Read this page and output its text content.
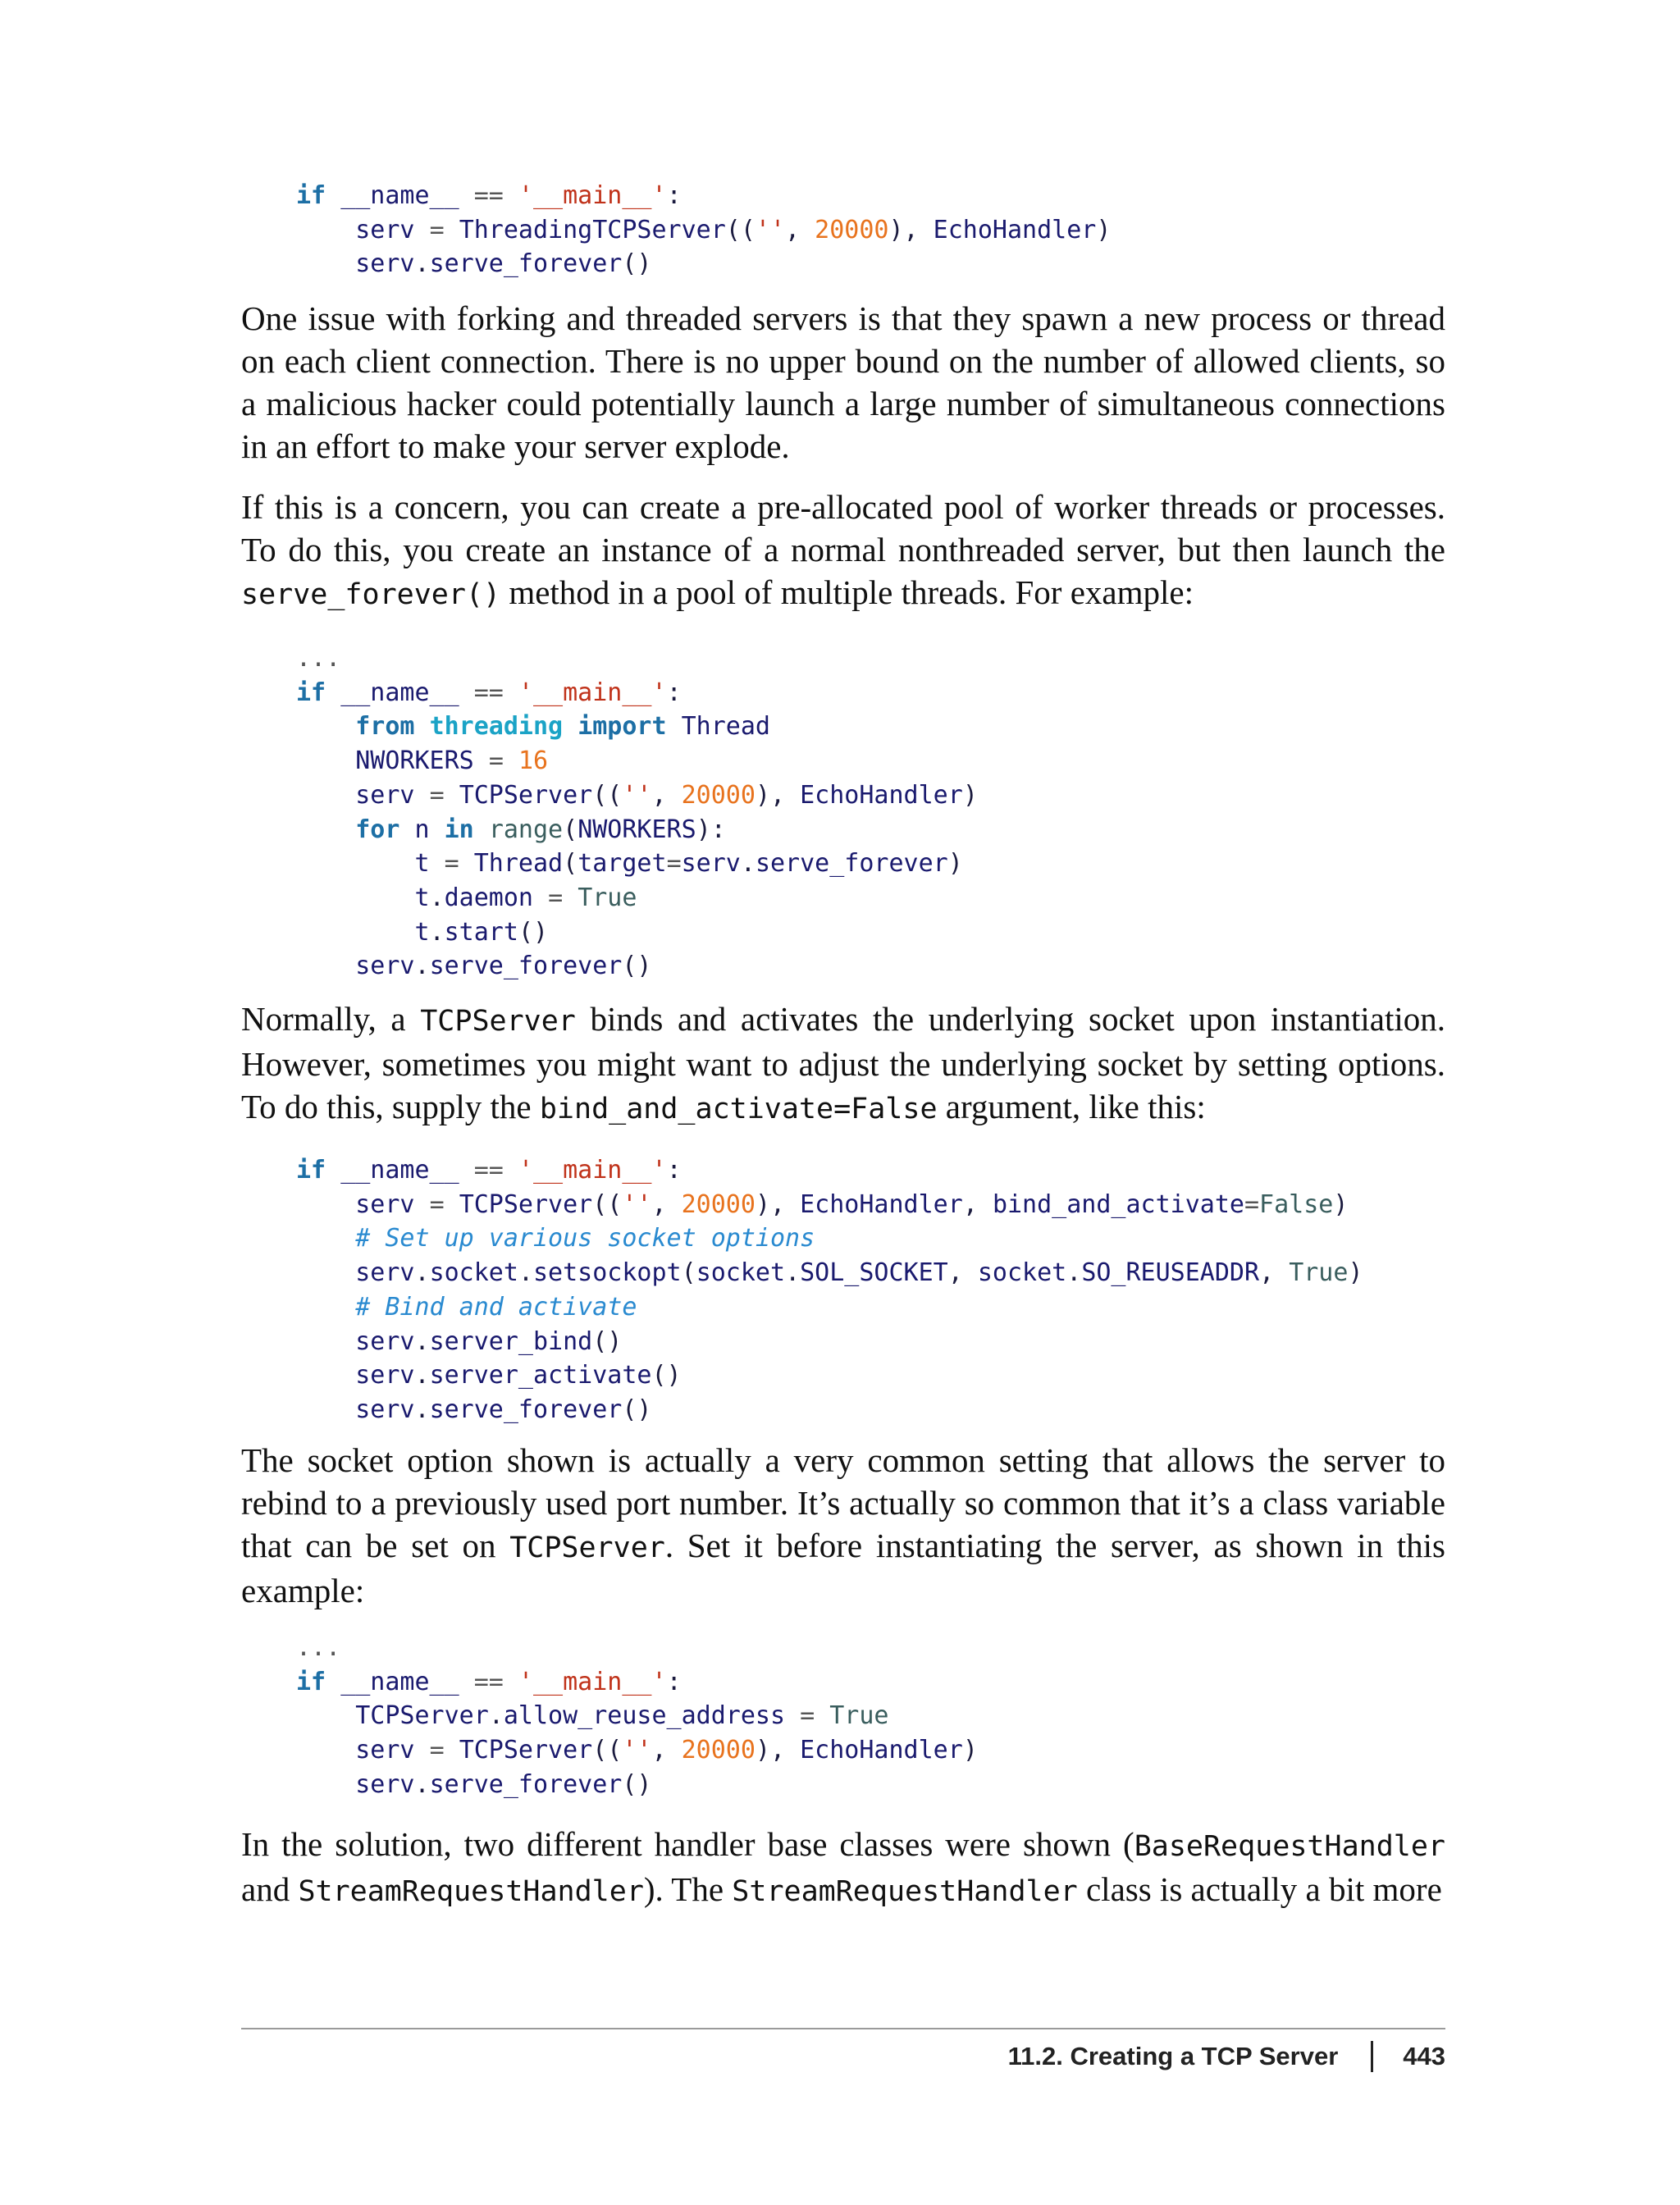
if __name__ == '__main__':
serv = ThreadingTCPServer(('', 20000), EchoHandler)
serv.serve_forever()

One issue with forking and threaded servers is that they spawn a new process or thread on each client connection. There is no upper bound on the number of allowed clients, so a malicious hacker could potentially launch a large number of simultaneous connections in an effort to make your server explode.

If this is a concern, you can create a pre-allocated pool of worker threads or processes. To do this, you create an instance of a normal nonthreaded server, but then launch the serve_forever() method in a pool of multiple threads. For example:

...
if __name__ == '__main__':
from threading import Thread
NWORKERS = 16
serv = TCPServer(('', 20000), EchoHandler)
for n in range(NWORKERS):
t = Thread(target=serv.serve_forever)
t.daemon = True
t.start()
serv.serve_forever()

Normally, a TCPServer binds and activates the underlying socket upon instantiation. However, sometimes you might want to adjust the underlying socket by setting options. To do this, supply the bind_and_activate=False argument, like this:

if __name__ == '__main__':
serv = TCPServer(('', 20000), EchoHandler, bind_and_activate=False)
# Set up various socket options
serv.socket.setsockopt(socket.SOL_SOCKET, socket.SO_REUSEADDR, True)
# Bind and activate
serv.server_bind()
serv.server_activate()
serv.serve_forever()

The socket option shown is actually a very common setting that allows the server to rebind to a previously used port number. It’s actually so common that it’s a class variable that can be set on TCPServer. Set it before instantiating the server, as shown in this example:

...
if __name__ == '__main__':
TCPServer.allow_reuse_address = True
serv = TCPServer(('', 20000), EchoHandler)
serv.serve_forever()

In the solution, two different handler base classes were shown (BaseRequestHandler and StreamRequestHandler). The StreamRequestHandler class is actually a bit more

11.2. Creating a TCP Server	443
